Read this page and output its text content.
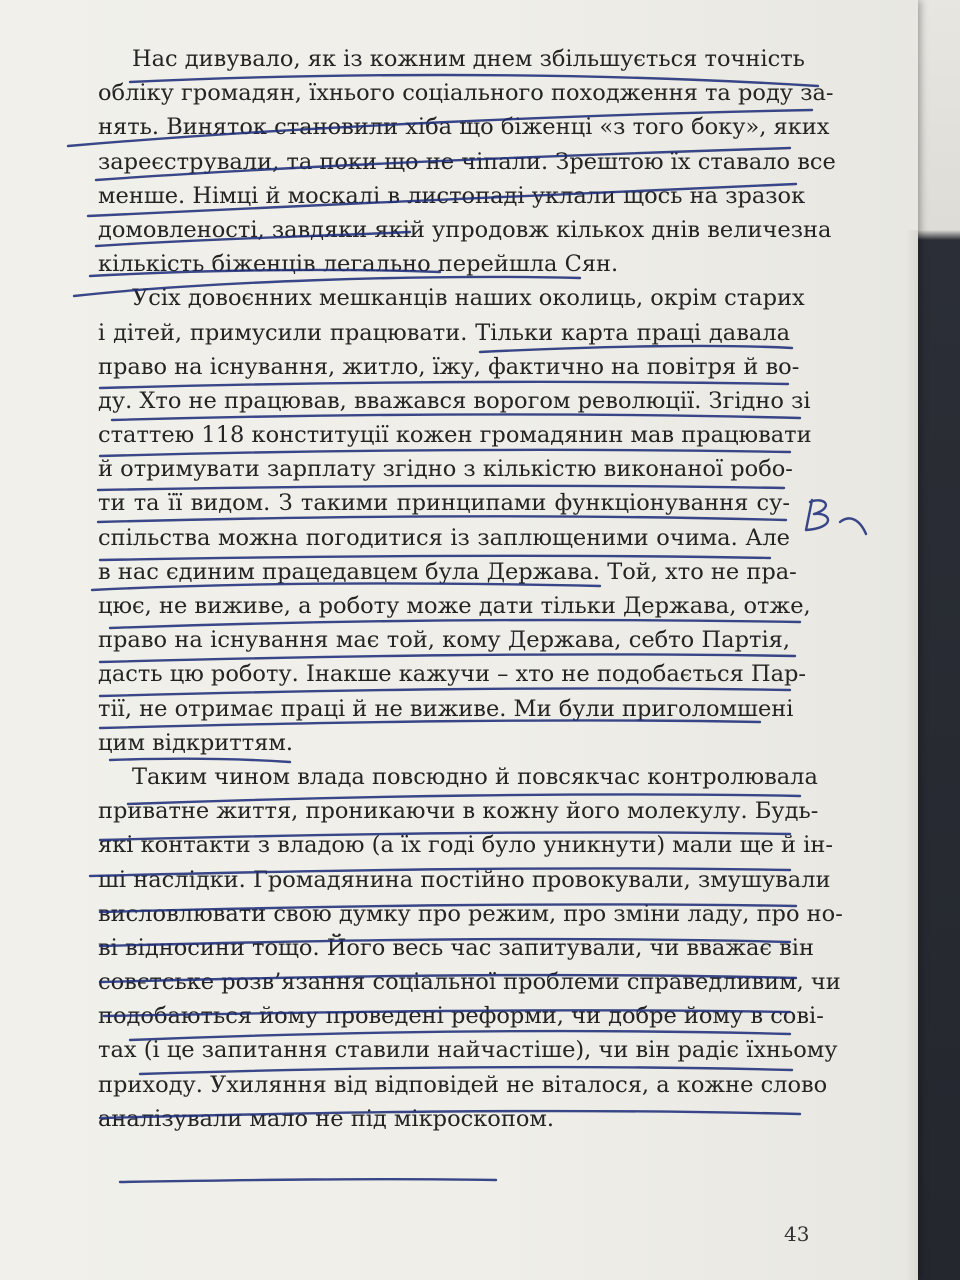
Нас дивувало, як із кожним днем збільшується точність
обліку громадян, їхнього соціального походження та роду за-
нять. Виняток становили хіба що біженці «з того боку», яких
зареєстрували, та поки що не чіпали. Зрештою їх ставало все
менше. Німці й москалі в листопаді уклали щось на зразок
домовленості, завдяки якій упродовж кількох днів величезна
кількість біженців легально перейшла Сян.
Усіх довоєнних мешканців наших околиць, окрім старих
і дітей, примусили працювати. Тільки карта праці давала
право на існування, житло, їжу, фактично на повітря й во-
ду. Хто не працював, вважався ворогом революції. Згідно зі
статтею 118 конституції кожен громадянин мав працювати
й отримувати зарплату згідно з кількістю виконаної робо-
ти та її видом. З такими принципами функціонування су-
спільства можна погодитися із заплющеними очима. Але
в нас єдиним працедавцем була Держава. Той, хто не пра-
цює, не виживе, а роботу може дати тільки Держава, отже,
право на існування має той, кому Держава, себто Партія,
дасть цю роботу. Інакше кажучи – хто не подобається Пар-
тії, не отримає праці й не виживе. Ми були приголомшені
цим відкриттям.
Таким чином влада повсюдно й повсякчас контролювала
приватне життя, проникаючи в кожну його молекулу. Будь-
які контакти з владою (а їх годі було уникнути) мали ще й ін-
ші наслідки. Громадянина постійно провокували, змушували
висловлювати свою думку про режим, про зміни ладу, про но-
ві відносини тощо. Його весь час запитували, чи вважає він
совєтське розв’язання соціальної проблеми справедливим, чи
подобаються йому проведені реформи, чи добре йому в сові-
тах (і це запитання ставили найчастіше), чи він радіє їхньому
приходу. Ухиляння від відповідей не віталося, а кожне слово
аналізували мало не під мікроскопом.
43
